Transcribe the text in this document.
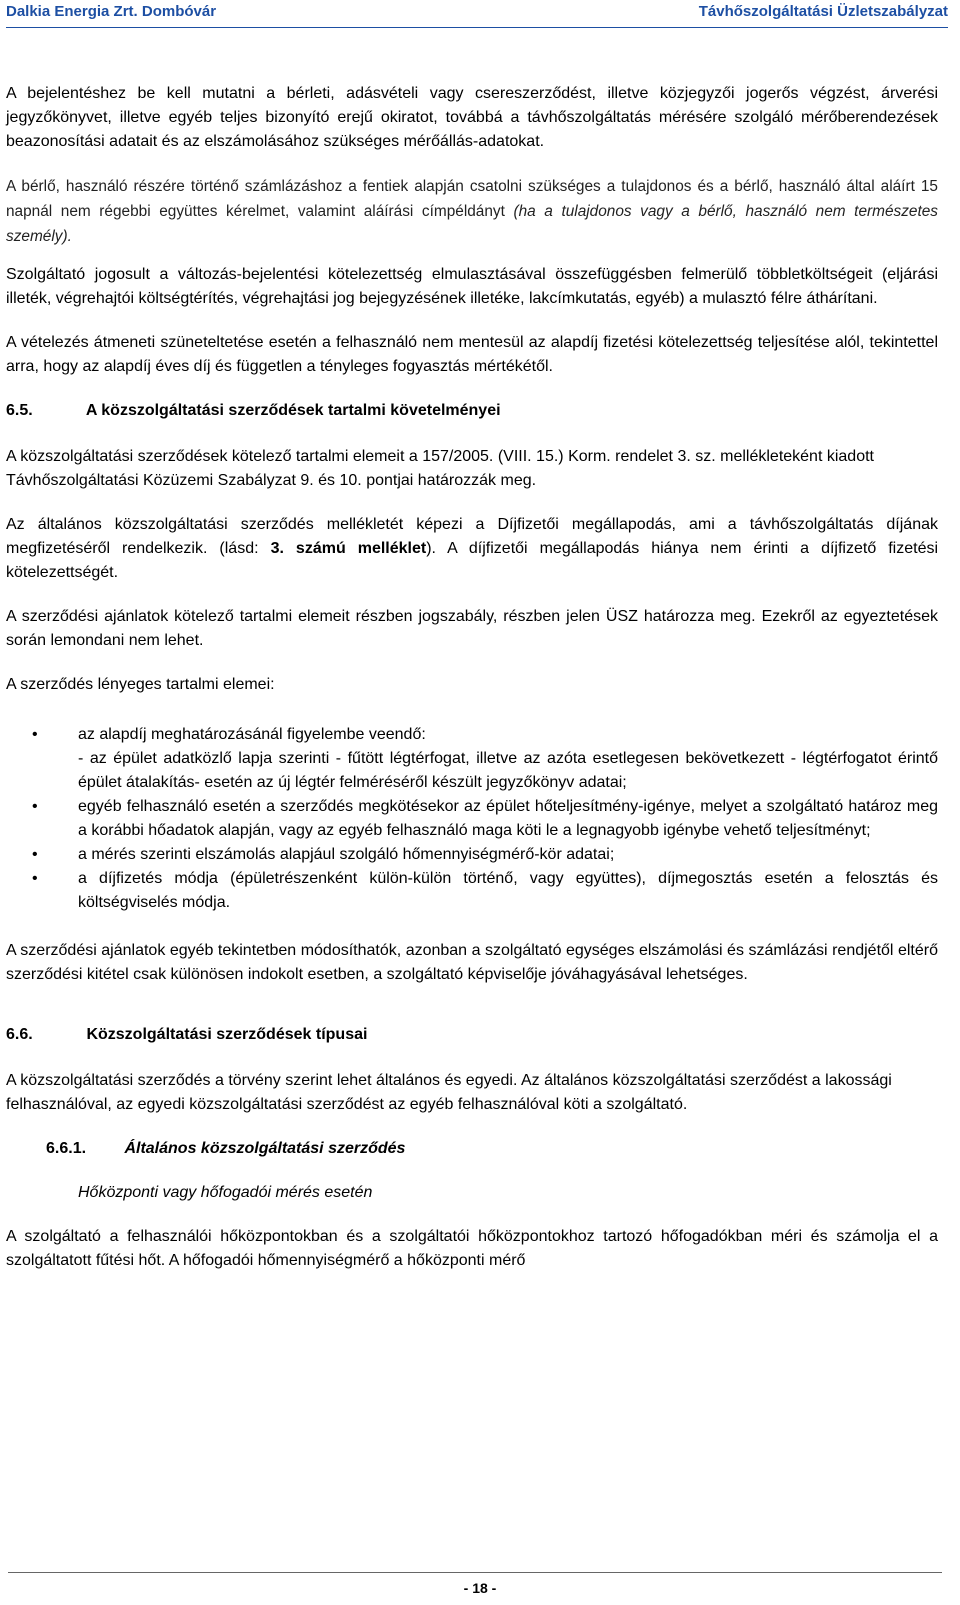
Dalkia Energia Zrt. Dombóvár	Távhőszolgáltatási Üzletszabályzat

A bejelentéshez be kell mutatni a bérleti, adásvételi vagy csereszerződést, illetve közjegyzői jogerős végzést, árverési jegyzőkönyvet, illetve egyéb teljes bizonyító erejű okiratot, továbbá a távhőszolgáltatás mérésére szolgáló mérőberendezések beazonosítási adatait és az elszámolásához szükséges mérőállás-adatokat.

A bérlő, használó részére történő számlázáshoz a fentiek alapján csatolni szükséges a tulajdonos és a bérlő, használó által aláírt 15 napnál nem régebbi együttes kérelmet, valamint aláírási címpéldányt (ha a tulajdonos vagy a bérlő, használó nem természetes személy).

Szolgáltató jogosult a változás-bejelentési kötelezettség elmulasztásával összefüggésben felmerülő többletköltségeit (eljárási illeték, végrehajtói költségtérítés, végrehajtási jog bejegyzésének illetéke, lakcímkutatás, egyéb) a mulasztó félre áthárítani.

A vételezés átmeneti szüneteltetése esetén a felhasználó nem mentesül az alapdíj fizetési kötelezettség teljesítése alól, tekintettel arra, hogy az alapdíj éves díj és független a tényleges fogyasztás mértékétől.

6.5.	A közszolgáltatási szerződések tartalmi követelményei

A közszolgáltatási szerződések kötelező tartalmi elemeit a 157/2005. (VIII. 15.) Korm. rendelet 3. sz. mellékleteként kiadott Távhőszolgáltatási Közüzemi Szabályzat 9. és 10. pontjai határozzák meg.

Az általános közszolgáltatási szerződés mellékletét képezi a Díjfizetői megállapodás, ami a távhőszolgáltatás díjának megfizetéséről rendelkezik. (lásd: 3. számú melléklet). A díjfizetői megállapodás hiánya nem érinti a díjfizető fizetési kötelezettségét.

A szerződési ajánlatok kötelező tartalmi elemeit részben jogszabály, részben jelen ÜSZ határozza meg. Ezekről az egyeztetések során lemondani nem lehet.

A szerződés lényeges tartalmi elemei:

•	az alapdíj meghatározásánál figyelembe veendő:
- az épület adatközlő lapja szerinti - fűtött légtérfogat, illetve az azóta esetlegesen bekövetkezett - légtérfogatot érintő épület átalakítás- esetén az új légtér felméréséről készült jegyzőkönyv adatai;
•	egyéb felhasználó esetén a szerződés megkötésekor az épület hőteljesítmény-igénye, melyet a szolgáltató határoz meg a korábbi hőadatok alapján, vagy az egyéb felhasználó maga köti le a legnagyobb igénybe vehető teljesítményt;
•	a mérés szerinti elszámolás alapjául szolgáló hőmennyiségmérő-kör adatai;
•	a díjfizetés módja (épületrészenként külön-külön történő, vagy együttes), díjmegosztás esetén a felosztás és költségviselés módja.

A szerződési ajánlatok egyéb tekintetben módosíthatók, azonban a szolgáltató egységes elszámolási és számlázási rendjétől eltérő szerződési kitétel csak különösen indokolt esetben, a szolgáltató képviselője jóváhagyásával lehetséges.

6.6.	Közszolgáltatási szerződések típusai

A közszolgáltatási szerződés a törvény szerint lehet általános és egyedi. Az általános közszolgáltatási szerződést a lakossági felhasználóval, az egyedi közszolgáltatási szerződést az egyéb felhasználóval köti a szolgáltató.

6.6.1. Általános közszolgáltatási szerződés
Hőközponti vagy hőfogadói mérés esetén

A szolgáltató a felhasználói hőközpontokban és a szolgáltatói hőközpontokhoz tartozó hőfogadókban méri és számolja el a szolgáltatott fűtési hőt. A hőfogadói hőmennyiségmérő a hőközponti mérő

- 18 -
